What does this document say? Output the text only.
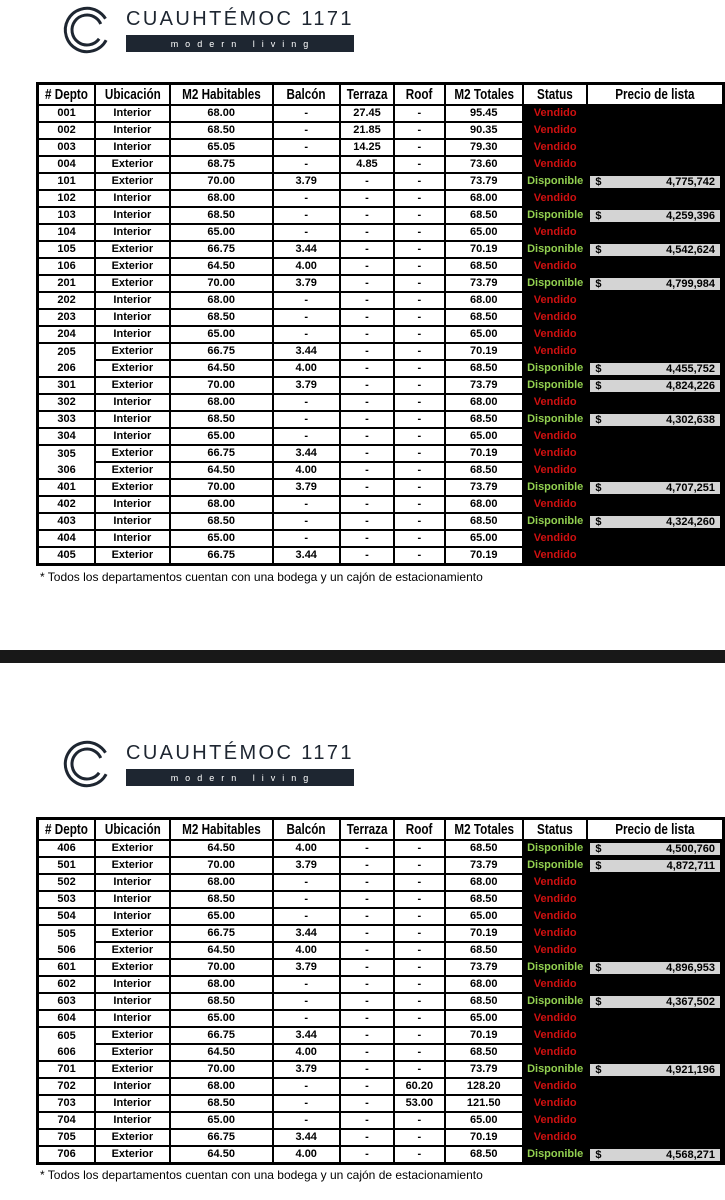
CUAUHTÉMOC 1171
modern living
# Depto	Ubicación	M2 Habitables	Balcón	Terraza	Roof	M2 Totales	Status	Precio de lista
001	Interior	68.00	-	27.45	-	95.45	Vendido	
002	Interior	68.50	-	21.85	-	90.35	Vendido	
003	Interior	65.05	-	14.25	-	79.30	Vendido	
004	Exterior	68.75	-	4.85	-	73.60	Vendido	
101	Exterior	70.00	3.79	-	-	73.79	Disponible	$ 4,775,742

102	Interior	68.00	-	-	-	68.00	Vendido	
103	Interior	68.50	-	-	-	68.50	Disponible	$ 4,259,396

104	Interior	65.00	-	-	-	65.00	Vendido	
105	Exterior	66.75	3.44	-	-	70.19	Disponible	$ 4,542,624

106	Exterior	64.50	4.00	-	-	68.50	Vendido	
201	Exterior	70.00	3.79	-	-	73.79	Disponible	$ 4,799,984

202	Interior	68.00	-	-	-	68.00	Vendido	
203	Interior	68.50	-	-	-	68.50	Vendido	
204	Interior	65.00	-	-	-	65.00	Vendido	
205	Exterior	66.75	3.44	-	-	70.19	Vendido	
206	Exterior	64.50	4.00	-	-	68.50	Disponible	$ 4,455,752

301	Exterior	70.00	3.79	-	-	73.79	Disponible	$ 4,824,226

302	Interior	68.00	-	-	-	68.00	Vendido	
303	Interior	68.50	-	-	-	68.50	Disponible	$ 4,302,638

304	Interior	65.00	-	-	-	65.00	Vendido	
305	Exterior	66.75	3.44	-	-	70.19	Vendido	
306	Exterior	64.50	4.00	-	-	68.50	Vendido	
401	Exterior	70.00	3.79	-	-	73.79	Disponible	$ 4,707,251

402	Interior	68.00	-	-	-	68.00	Vendido	
403	Interior	68.50	-	-	-	68.50	Disponible	$ 4,324,260

404	Interior	65.00	-	-	-	65.00	Vendido	
405	Exterior	66.75	3.44	-	-	70.19	Vendido	
* Todos los departamentos cuentan con una bodega y un cajón de estacionamiento
CUAUHTÉMOC 1171
modern living
# Depto	Ubicación	M2 Habitables	Balcón	Terraza	Roof	M2 Totales	Status	Precio de lista
406	Exterior	64.50	4.00	-	-	68.50	Disponible	$ 4,500,760

501	Exterior	70.00	3.79	-	-	73.79	Disponible	$ 4,872,711

502	Interior	68.00	-	-	-	68.00	Vendido	
503	Interior	68.50	-	-	-	68.50	Vendido	
504	Interior	65.00	-	-	-	65.00	Vendido	
505	Exterior	66.75	3.44	-	-	70.19	Vendido	
506	Exterior	64.50	4.00	-	-	68.50	Vendido	
601	Exterior	70.00	3.79	-	-	73.79	Disponible	$ 4,896,953

602	Interior	68.00	-	-	-	68.00	Vendido	
603	Interior	68.50	-	-	-	68.50	Disponible	$ 4,367,502

604	Interior	65.00	-	-	-	65.00	Vendido	
605	Exterior	66.75	3.44	-	-	70.19	Vendido	
606	Exterior	64.50	4.00	-	-	68.50	Vendido	
701	Exterior	70.00	3.79	-	-	73.79	Disponible	$ 4,921,196

702	Interior	68.00	-	-	60.20	128.20	Vendido	
703	Interior	68.50	-	-	53.00	121.50	Vendido	
704	Interior	65.00	-	-	-	65.00	Vendido	
705	Exterior	66.75	3.44	-	-	70.19	Vendido	
706	Exterior	64.50	4.00	-	-	68.50	Disponible	$ 4,568,271
* Todos los departamentos cuentan con una bodega y un cajón de estacionamiento
